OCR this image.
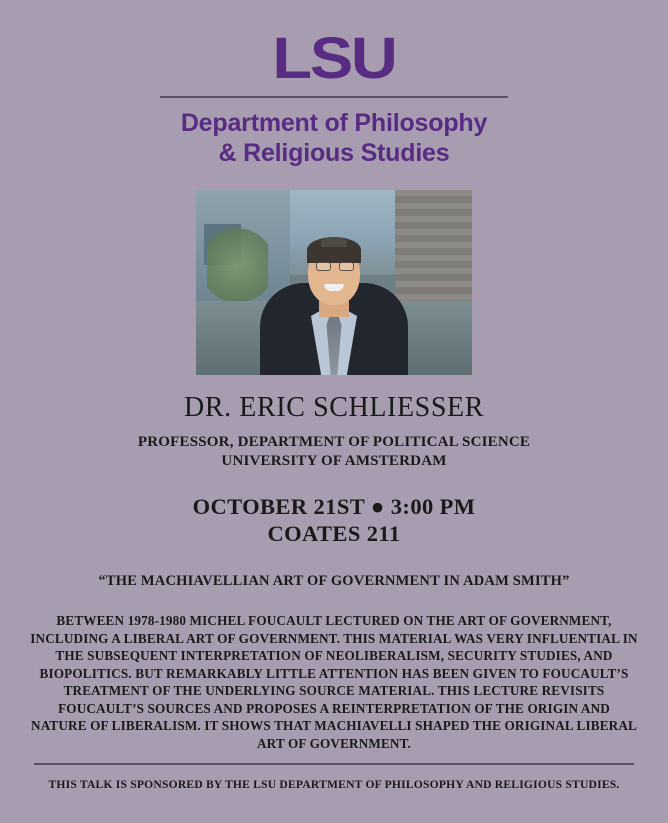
LSU
Department of Philosophy
& Religious Studies
DR. ERIC SCHLIESSER
PROFESSOR, DEPARTMENT OF POLITICAL SCIENCE
UNIVERSITY OF AMSTERDAM
OCTOBER 21ST ● 3:00 PM
COATES 211
“THE MACHIAVELLIAN ART OF GOVERNMENT IN ADAM SMITH”
BETWEEN 1978-1980 MICHEL FOUCAULT LECTURED ON THE ART OF GOVERNMENT, INCLUDING A LIBERAL ART OF GOVERNMENT. THIS MATERIAL WAS VERY INFLUENTIAL IN THE SUBSEQUENT INTERPRETATION OF NEOLIBERALISM, SECURITY STUDIES, AND BIOPOLITICS. BUT REMARKABLY LITTLE ATTENTION HAS BEEN GIVEN TO FOUCAULT’S TREATMENT OF THE UNDERLYING SOURCE MATERIAL. THIS LECTURE REVISITS FOUCAULT’S SOURCES AND PROPOSES A REINTERPRETATION OF THE ORIGIN AND NATURE OF LIBERALISM. IT SHOWS THAT MACHIAVELLI SHAPED THE ORIGINAL LIBERAL ART OF GOVERNMENT.
THIS TALK IS SPONSORED BY THE LSU DEPARTMENT OF PHILOSOPHY AND RELIGIOUS STUDIES.
